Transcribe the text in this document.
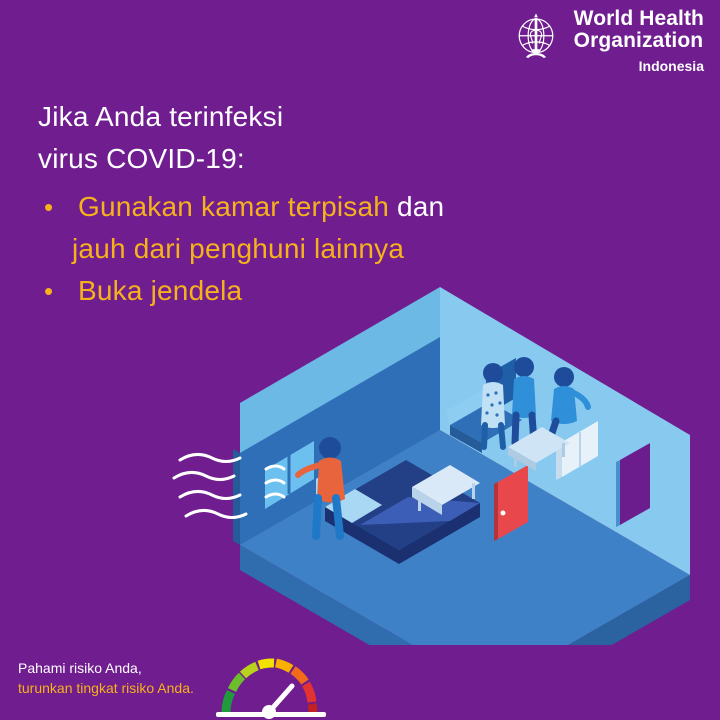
World Health
Organization
Indonesia
Jika Anda terinfeksi
virus COVID-19:
• Gunakan kamar terpisah dan
jauh dari penghuni lainnya
• Buka jendela
Pahami risiko Anda,
turunkan tingkat risiko Anda.
